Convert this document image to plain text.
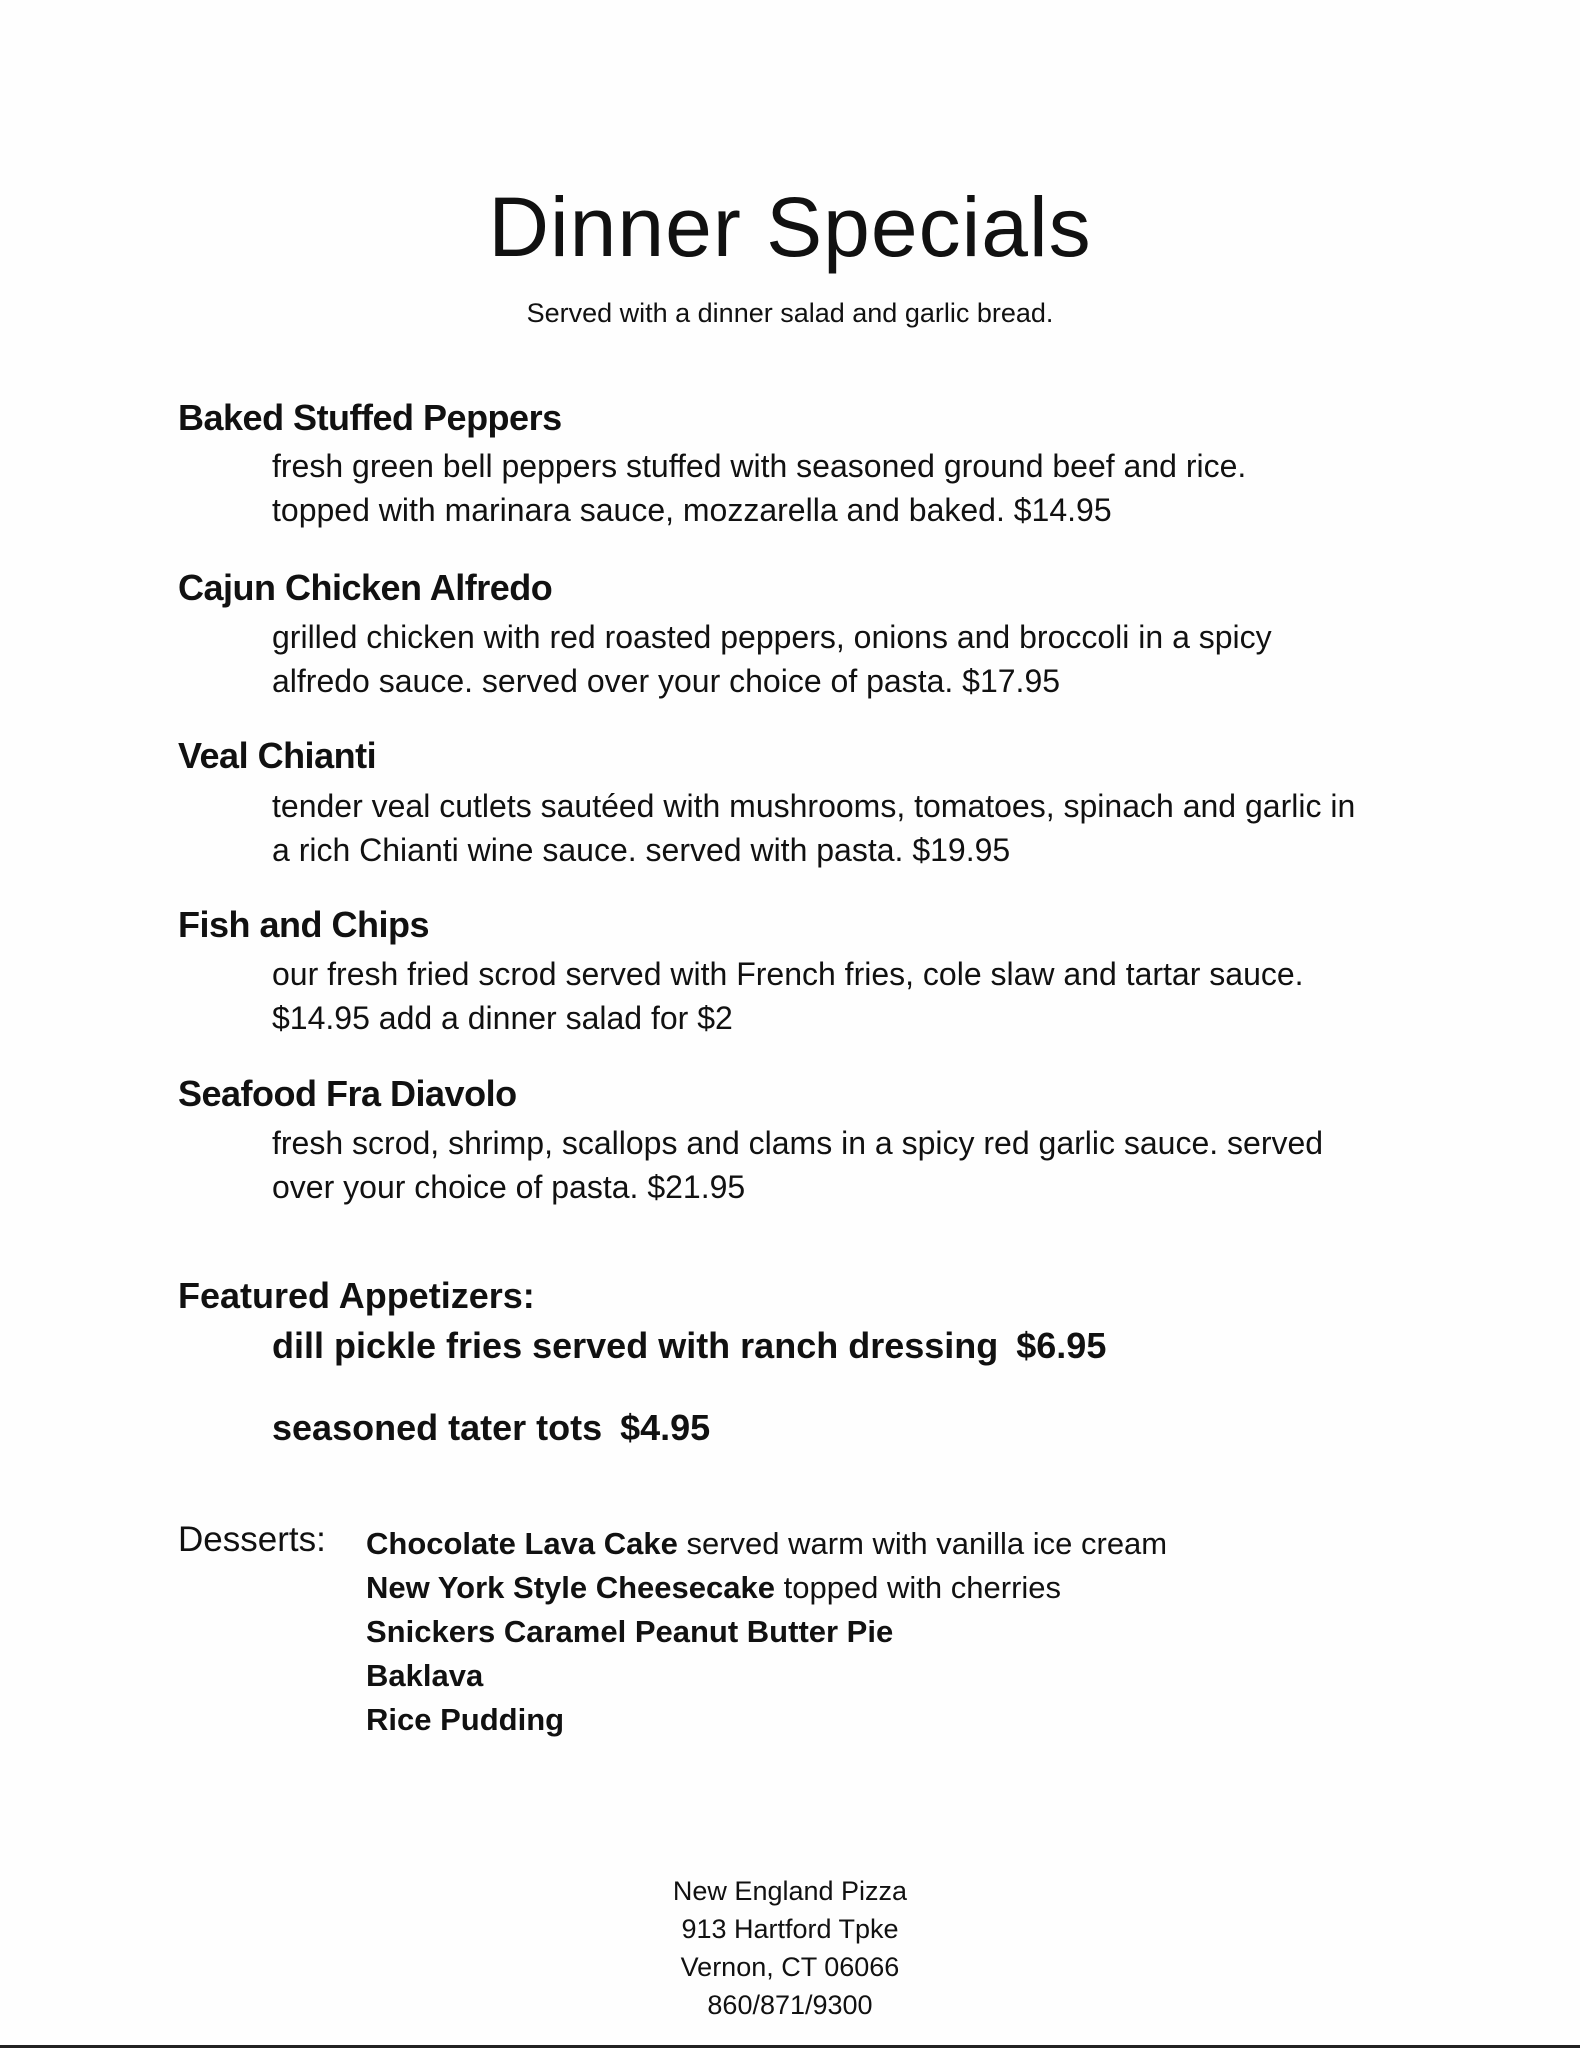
Dinner Specials
Served with a dinner salad and garlic bread.
Baked Stuffed Peppers
fresh green bell peppers stuffed with seasoned ground beef and rice.
topped with marinara sauce, mozzarella and baked. $14.95
Cajun Chicken Alfredo
grilled chicken with red roasted peppers, onions and broccoli in a spicy
alfredo sauce. served over your choice of pasta. $17.95
Veal Chianti
tender veal cutlets sautéed with mushrooms, tomatoes, spinach and garlic in
a rich Chianti wine sauce. served with pasta. $19.95
Fish and Chips
our fresh fried scrod served with French fries, cole slaw and tartar sauce.
$14.95 add a dinner salad for $2
Seafood Fra Diavolo
fresh scrod, shrimp, scallops and clams in a spicy red garlic sauce. served
over your choice of pasta. $21.95
Featured Appetizers:
dill pickle fries served with ranch dressing $6.95
seasoned tater tots $4.95
Desserts: Chocolate Lava Cake served warm with vanilla ice cream
New York Style Cheesecake topped with cherries
Snickers Caramel Peanut Butter Pie
Baklava
Rice Pudding
New England Pizza
913 Hartford Tpke
Vernon, CT 06066
860/871/9300
